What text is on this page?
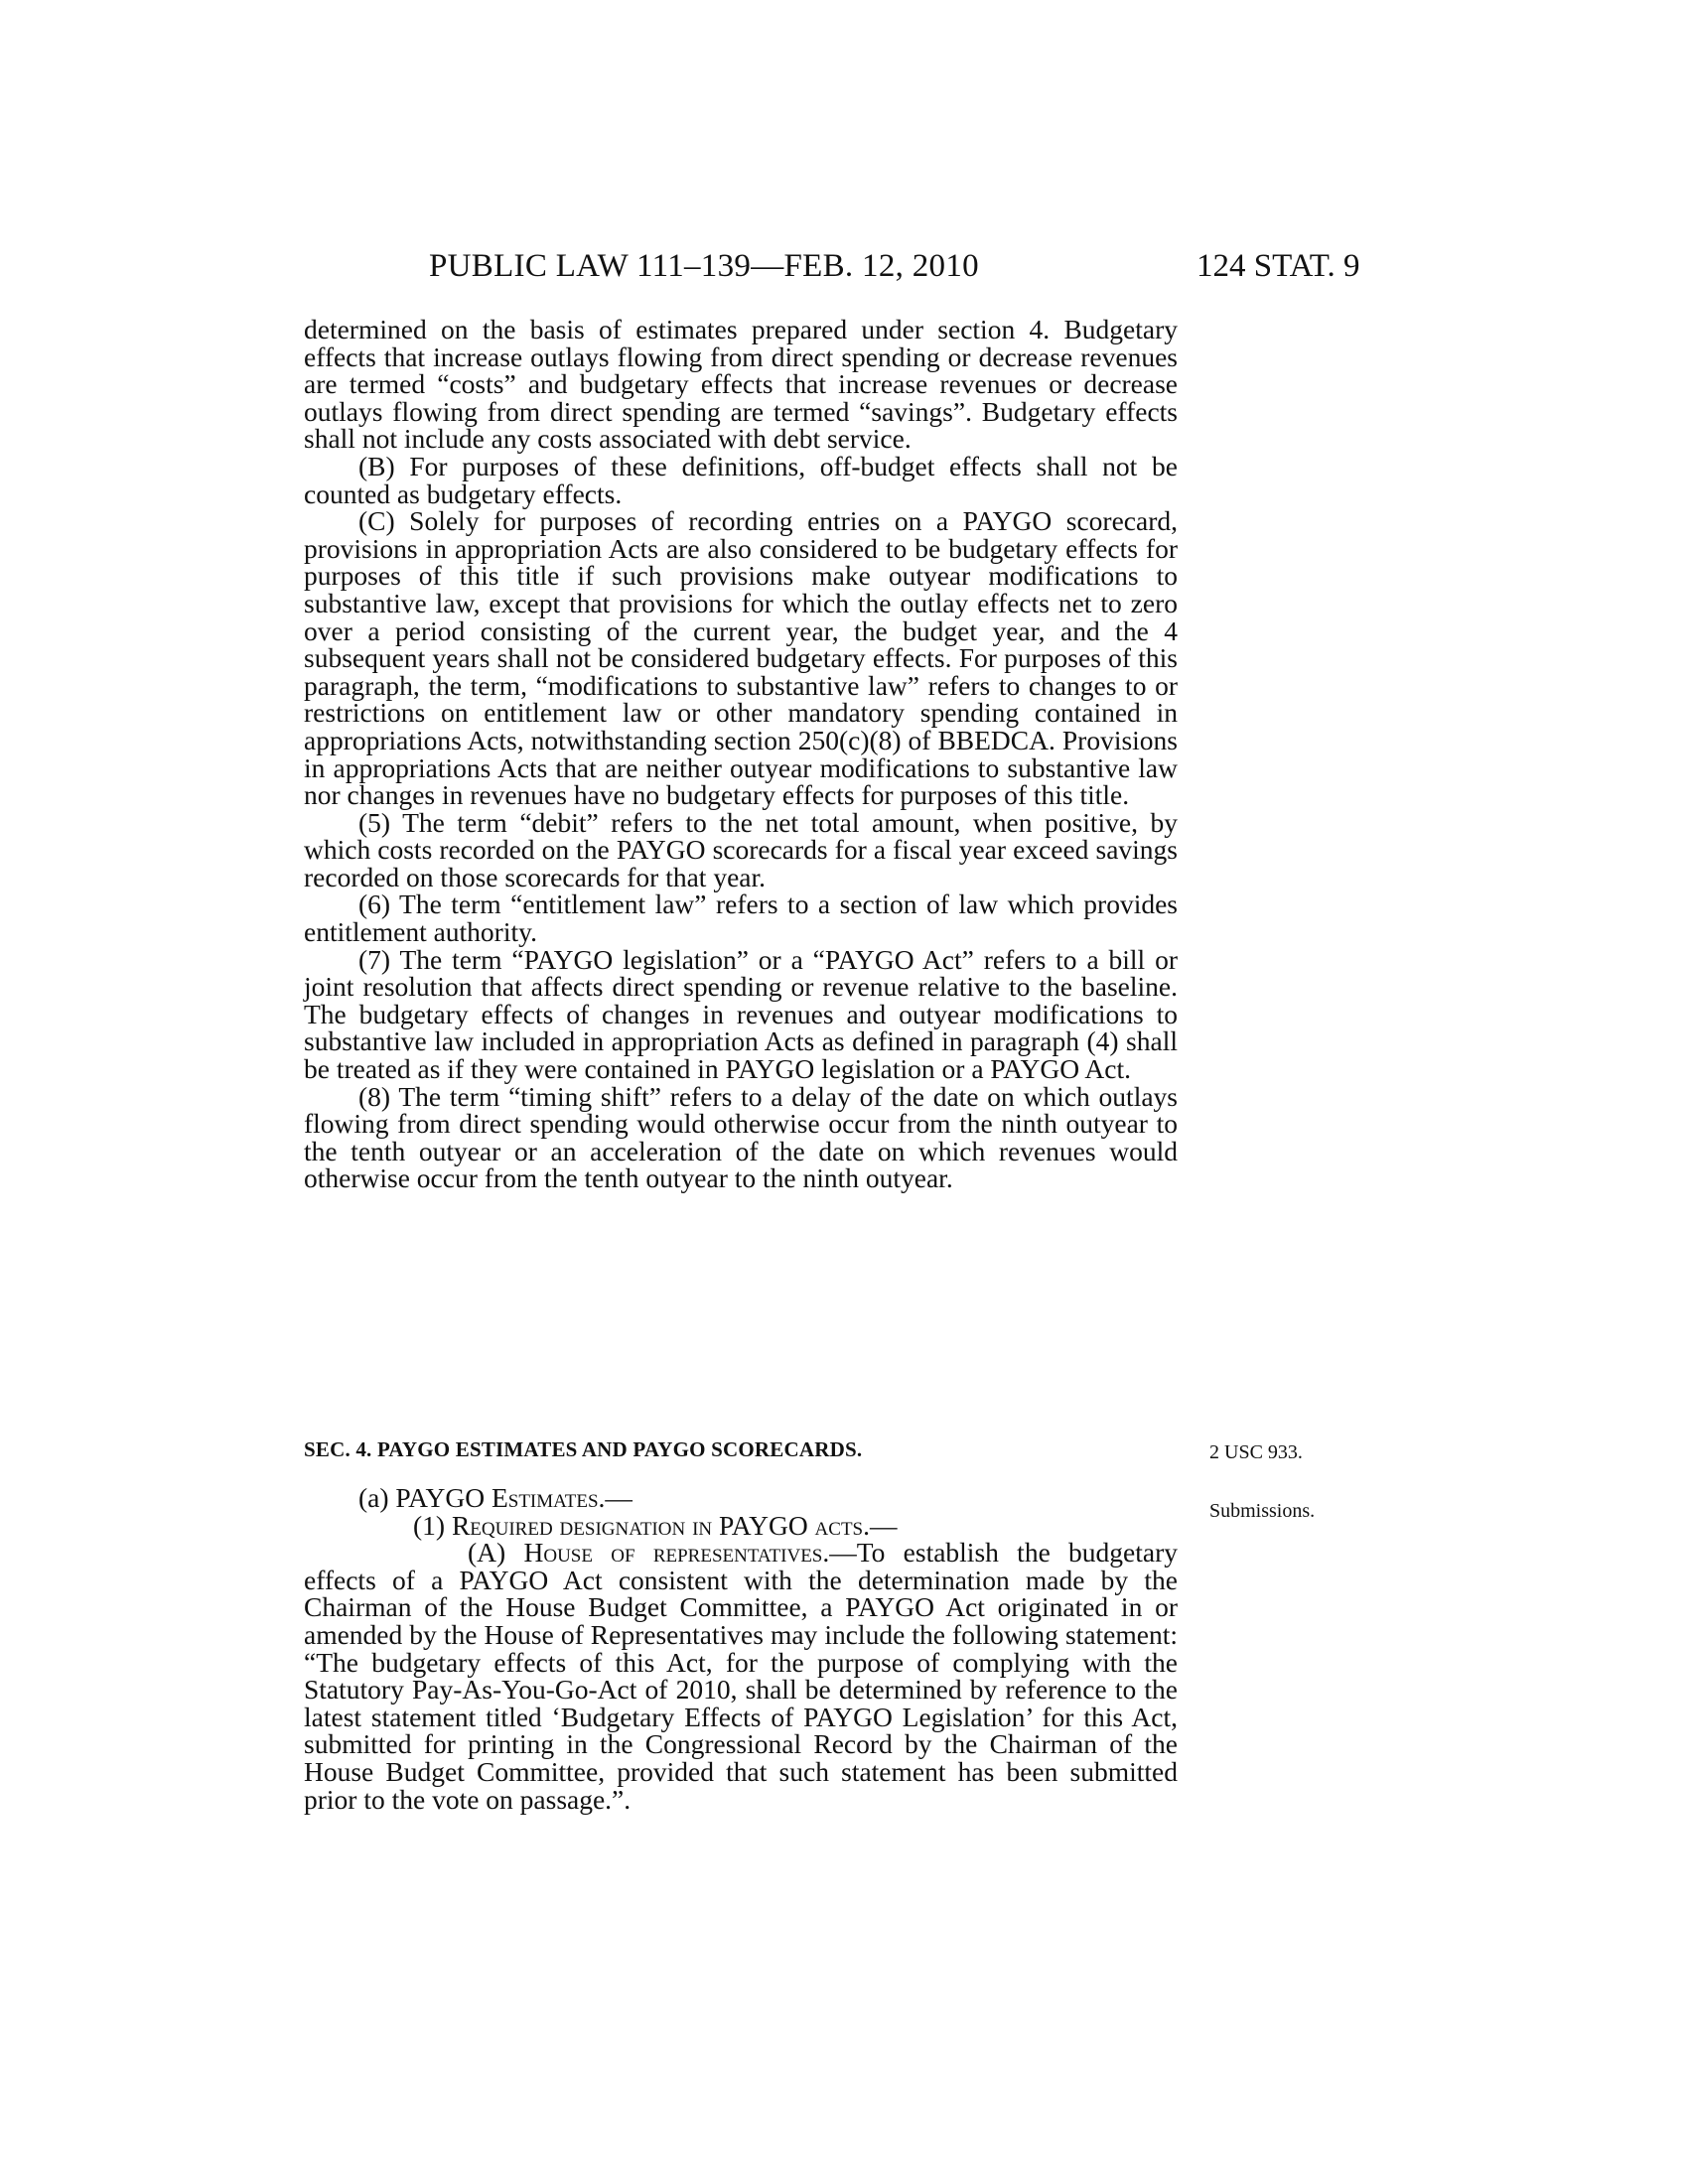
PUBLIC LAW 111–139—FEB. 12, 2010	124 STAT. 9

determined on the basis of estimates prepared under section 4. Budgetary effects that increase outlays flowing from direct spending or decrease revenues are termed “costs” and budgetary effects that increase revenues or decrease outlays flowing from direct spending are termed “savings”. Budgetary effects shall not include any costs associated with debt service.

(B) For purposes of these definitions, off-budget effects shall not be counted as budgetary effects.

(C) Solely for purposes of recording entries on a PAYGO scorecard, provisions in appropriation Acts are also considered to be budgetary effects for purposes of this title if such provisions make outyear modifications to substantive law, except that provisions for which the outlay effects net to zero over a period consisting of the current year, the budget year, and the 4 subsequent years shall not be considered budgetary effects. For purposes of this paragraph, the term, “modifications to substantive law” refers to changes to or restrictions on entitlement law or other mandatory spending contained in appropriations Acts, notwithstanding section 250(c)(8) of BBEDCA. Provisions in appropriations Acts that are neither outyear modifications to substantive law nor changes in revenues have no budgetary effects for purposes of this title.

(5) The term “debit” refers to the net total amount, when positive, by which costs recorded on the PAYGO scorecards for a fiscal year exceed savings recorded on those scorecards for that year.

(6) The term “entitlement law” refers to a section of law which provides entitlement authority.

(7) The term “PAYGO legislation” or a “PAYGO Act” refers to a bill or joint resolution that affects direct spending or revenue relative to the baseline. The budgetary effects of changes in revenues and outyear modifications to substantive law included in appropriation Acts as defined in paragraph (4) shall be treated as if they were contained in PAYGO legislation or a PAYGO Act.

(8) The term “timing shift” refers to a delay of the date on which outlays flowing from direct spending would otherwise occur from the ninth outyear to the tenth outyear or an acceleration of the date on which revenues would otherwise occur from the tenth outyear to the ninth outyear.

SEC. 4. PAYGO ESTIMATES AND PAYGO SCORECARDS.

(a) PAYGO Estimates.—

(1) Required designation in PAYGO acts.—

(A) House of representatives.—To establish the budgetary effects of a PAYGO Act consistent with the determination made by the Chairman of the House Budget Committee, a PAYGO Act originated in or amended by the House of Representatives may include the following statement: “The budgetary effects of this Act, for the purpose of complying with the Statutory Pay-As-You-Go-Act of 2010, shall be determined by reference to the latest statement titled ‘Budgetary Effects of PAYGO Legislation’ for this Act, submitted for printing in the Congressional Record by the Chairman of the House Budget Committee, provided that such statement has been submitted prior to the vote on passage.”.

2 USC 933.
Submissions.
